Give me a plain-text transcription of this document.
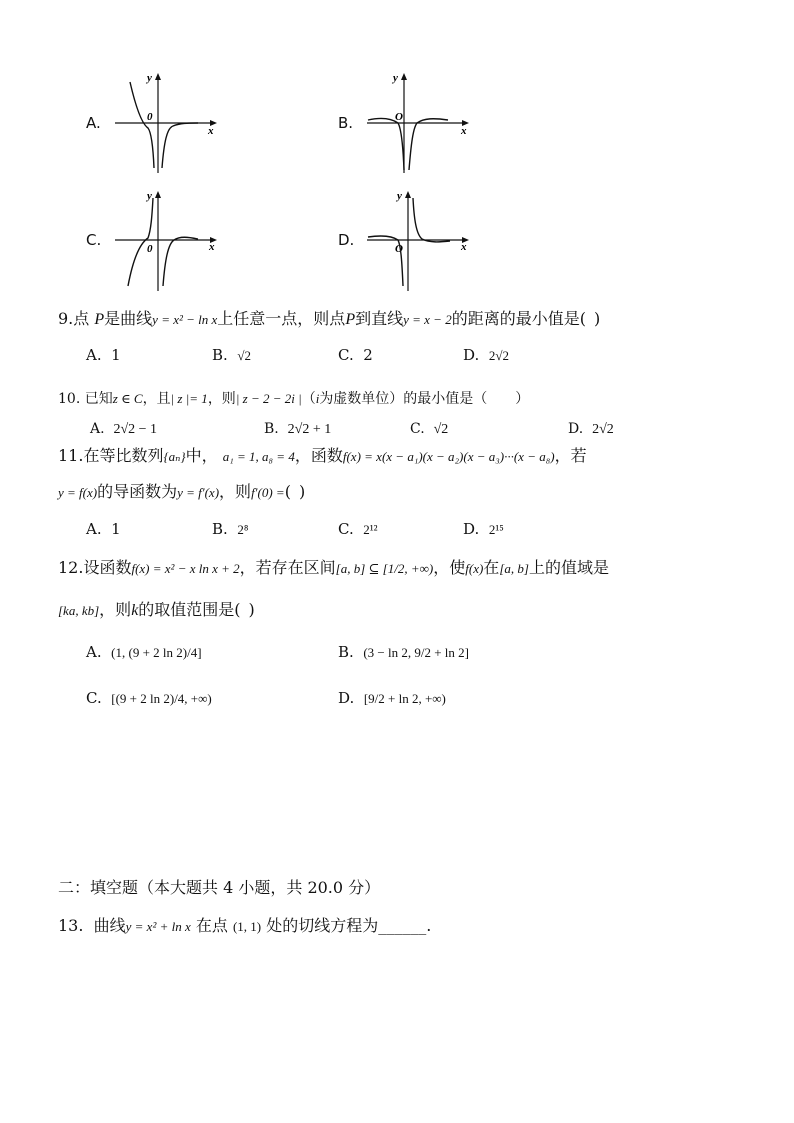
A.	x
y
0	B.	x
y
O
C.	x
y
0	D.	x
y
O
9.点 P是曲线y = x² − ln x上任意一点，则点P到直线y = x − 2的距离的最小值是( )
A. 1	B. √2	C. 2	D. 2√2
10. 已知z ∈ C，且| z |= 1，则| z − 2 − 2i |（i为虚数单位）的最小值是（  ）
A. 2√2 − 1	B. 2√2 + 1	C. √2	D. 2√2
11.在等比数列{aₙ}中， a₁ = 1, a₈ = 4，函数f(x) = x(x − a₁)(x − a₂)(x − a₃)···(x − a₈)，若
y = f(x)的导函数为y = f′(x)，则f′(0) =( )
A. 1	B. 2⁸	C. 2¹²	D. 2¹⁵
12.设函数f(x) = x² − x ln x + 2，若存在区间[a, b] ⊆ [1/2, +∞)，使f(x)在[a, b]上的值域是
[ka, kb]，则k的取值范围是( )
A. (1, (9 + 2 ln 2)/4]	B. (3 − ln 2, 9/2 + ln 2]
C. [(9 + 2 ln 2)/4, +∞)	D. [9/2 + ln 2, +∞)
二：填空题（本大题共 4 小题，共 20.0 分）
13. 曲线y = x² + ln x 在点 (1, 1) 处的切线方程为______.
